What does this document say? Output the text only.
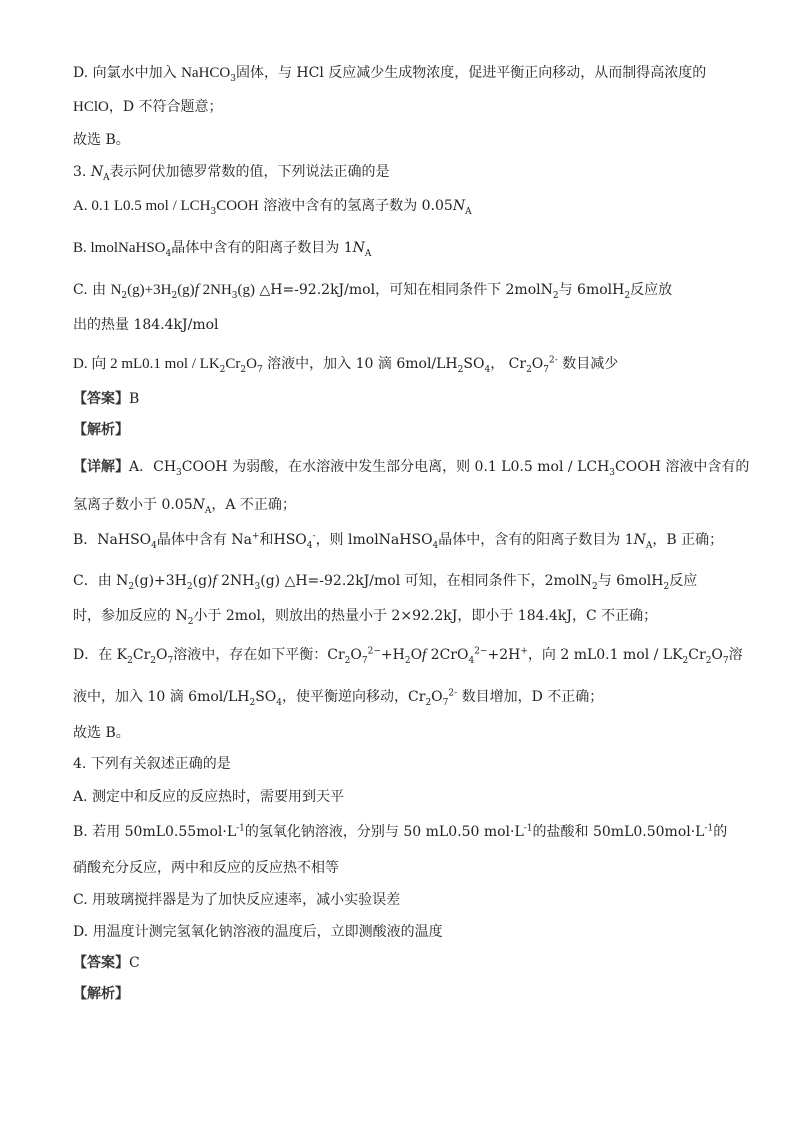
D. 向氯水中加入 NaHCO$_3$固体，与 HCl 反应减少生成物浓度，促进平衡正向移动，从而制得高浓度的
HClO，D 不符合题意；
故选 B。
3. $N_A$表示阿伏加德罗常数的值，下列说法正确的是
A. 0.1 L0.5 mol / $LCH_3COOH$ 溶液中含有的氢离子数为 $0.05N_A$
B. lmolNaHSO$_4$晶体中含有的阳离子数目为 $1N_A$
C. 由 $N_2(g)+3H_2(g)f$ $2NH_3(g)$ △H=-92.2kJ/mol，可知在相同条件下 2molN$_2$与 6molH$_2$反应放
出的热量 184.4kJ/mol
D. 向 2 mL0.1 mol / $LK_2Cr_2O_7$ 溶液中，加入 10 滴 $6mol/LH_2SO_4$， $Cr_2O_7^{2-}$ 数目减少
【答案】B
【解析】
【详解】A．$CH_3COOH$ 为弱酸，在水溶液中发生部分电离，则 0.1 L0.5 mol / $LCH_3COOH$ 溶液中含有的
氢离子数小于 $0.05N_A$，A 不正确；
B．NaHSO$_4$晶体中含有 Na+和$HSO_4^-$，则 lmolNaHSO$_4$晶体中，含有的阳离子数目为 $1N_A$，B 正确；
C．由 $N_2(g)+3H_2(g)f$ $2NH_3(g)$ △H=-92.2kJ/mol 可知，在相同条件下，2molN$_2$与 6molH$_2$反应
时，参加反应的 $N_2$小于 2mol，则放出的热量小于 2×92.2kJ，即小于 184.4kJ，C 不正确；
D．在 $K_2Cr_2O_7$溶液中，存在如下平衡：$Cr_2O_7^{2-}+H_2Of$ 2CrO$_4^{2-}$+2H+，向 2 mL0.1 mol / $LK_2Cr_2O_7$溶
液中，加入 10 滴 $6mol/LH_2SO_4$，使平衡逆向移动，$Cr_2O_7^{2-}$ 数目增加，D 不正确；
故选 B。
4. 下列有关叙述正确的是
A. 测定中和反应的反应热时，需要用到天平
B. 若用 $50mL0.55mol\cdot L^{-1}$的氢氧化钠溶液，分别与 50 mL0.50 $mol\cdot L^{-1}$的盐酸和 $50mL0.50mol\cdot L^{-1}$的
硝酸充分反应，两中和反应的反应热不相等
C. 用玻璃搅拌器是为了加快反应速率，减小实验误差
D. 用温度计测完氢氧化钠溶液的温度后，立即测酸液的温度
【答案】C
【解析】
